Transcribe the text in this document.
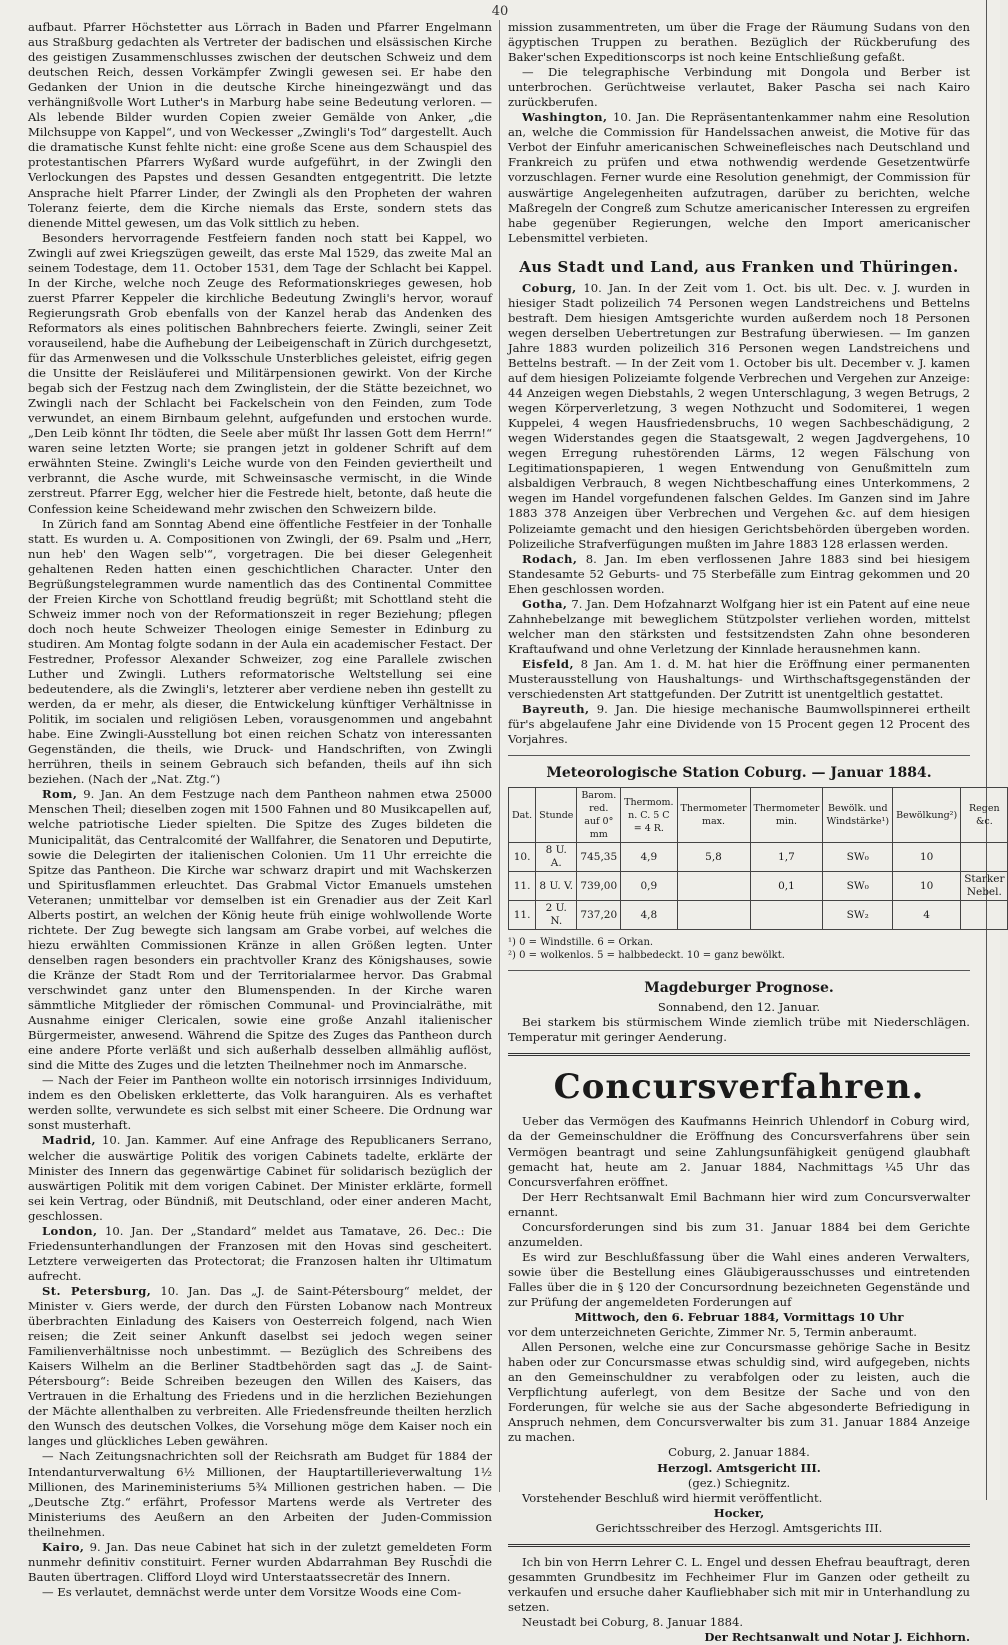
40

aufbaut. Pfarrer Höchstetter aus Lörrach in Baden und Pfarrer Engelmann aus Straßburg gedachten als Vertreter der badischen und elsässischen Kirche des geistigen Zusammenschlusses zwischen der deutschen Schweiz und dem deutschen Reich, dessen Vorkämpfer Zwingli gewesen sei. Er habe den Gedanken der Union in die deutsche Kirche hineingezwängt und das verhängnißvolle Wort Luther's in Marburg habe seine Bedeutung verloren. — Als lebende Bilder wurden Copien zweier Gemälde von Anker, „die Milchsuppe von Kappel“, und von Weckesser „Zwingli's Tod“ dargestellt. Auch die dramatische Kunst fehlte nicht: eine große Scene aus dem Schauspiel des protestantischen Pfarrers Wyßard wurde aufgeführt, in der Zwingli den Verlockungen des Papstes und dessen Gesandten entgegentritt. Die letzte Ansprache hielt Pfarrer Linder, der Zwingli als den Propheten der wahren Toleranz feierte, dem die Kirche niemals das Erste, sondern stets das dienende Mittel gewesen, um das Volk sittlich zu heben.

Besonders hervorragende Festfeiern fanden noch statt bei Kappel, wo Zwingli auf zwei Kriegszügen geweilt, das erste Mal 1529, das zweite Mal an seinem Todestage, dem 11. October 1531, dem Tage der Schlacht bei Kappel. In der Kirche, welche noch Zeuge des Reformationskrieges gewesen, hob zuerst Pfarrer Keppeler die kirchliche Bedeutung Zwingli's hervor, worauf Regierungsrath Grob ebenfalls von der Kanzel herab das Andenken des Reformators als eines politischen Bahnbrechers feierte. Zwingli, seiner Zeit vorauseilend, habe die Aufhebung der Leibeigenschaft in Zürich durchgesetzt, für das Armenwesen und die Volksschule Unsterbliches geleistet, eifrig gegen die Unsitte der Reisläuferei und Militärpensionen gewirkt. Von der Kirche begab sich der Festzug nach dem Zwinglistein, der die Stätte bezeichnet, wo Zwingli nach der Schlacht bei Fackelschein von den Feinden, zum Tode verwundet, an einem Birnbaum gelehnt, aufgefunden und erstochen wurde. „Den Leib könnt Ihr tödten, die Seele aber müßt Ihr lassen Gott dem Herrn!“ waren seine letzten Worte; sie prangen jetzt in goldener Schrift auf dem erwähnten Steine. Zwingli's Leiche wurde von den Feinden geviertheilt und verbrannt, die Asche wurde, mit Schweinsasche vermischt, in die Winde zerstreut. Pfarrer Egg, welcher hier die Festrede hielt, betonte, daß heute die Confession keine Scheidewand mehr zwischen den Schweizern bilde.

In Zürich fand am Sonntag Abend eine öffentliche Festfeier in der Tonhalle statt. Es wurden u. A. Compositionen von Zwingli, der 69. Psalm und „Herr, nun heb' den Wagen selb'“, vorgetragen. Die bei dieser Gelegenheit gehaltenen Reden hatten einen geschichtlichen Character. Unter den Begrüßungstelegrammen wurde namentlich das des Continental Committee der Freien Kirche von Schottland freudig begrüßt; mit Schottland steht die Schweiz immer noch von der Reformationszeit in reger Beziehung; pflegen doch noch heute Schweizer Theologen einige Semester in Edinburg zu studiren. Am Montag folgte sodann in der Aula ein academischer Festact. Der Festredner, Professor Alexander Schweizer, zog eine Parallele zwischen Luther und Zwingli. Luthers reformatorische Weltstellung sei eine bedeutendere, als die Zwingli's, letzterer aber verdiene neben ihn gestellt zu werden, da er mehr, als dieser, die Entwickelung künftiger Verhältnisse in Politik, im socialen und religiösen Leben, vorausgenommen und angebahnt habe. Eine Zwingli-Ausstellung bot einen reichen Schatz von interessanten Gegenständen, die theils, wie Druck- und Handschriften, von Zwingli herrühren, theils in seinem Gebrauch sich befanden, theils auf ihn sich beziehen. (Nach der „Nat. Ztg.“)

Rom, 9. Jan. An dem Festzuge nach dem Pantheon nahmen etwa 25000 Menschen Theil; dieselben zogen mit 1500 Fahnen und 80 Musikcapellen auf, welche patriotische Lieder spielten. Die Spitze des Zuges bildeten die Municipalität, das Centralcomité der Wallfahrer, die Senatoren und Deputirte, sowie die Delegirten der italienischen Colonien. Um 11 Uhr erreichte die Spitze das Pantheon. Die Kirche war schwarz drapirt und mit Wachskerzen und Spiritusflammen erleuchtet. Das Grabmal Victor Emanuels umstehen Veteranen; unmittelbar vor demselben ist ein Grenadier aus der Zeit Karl Alberts postirt, an welchen der König heute früh einige wohlwollende Worte richtete. Der Zug bewegte sich langsam am Grabe vorbei, auf welches die hiezu erwählten Commissionen Kränze in allen Größen legten. Unter denselben ragen besonders ein prachtvoller Kranz des Königshauses, sowie die Kränze der Stadt Rom und der Territorialarmee hervor. Das Grabmal verschwindet ganz unter den Blumenspenden. In der Kirche waren sämmtliche Mitglieder der römischen Communal- und Provincialräthe, mit Ausnahme einiger Clericalen, sowie eine große Anzahl italienischer Bürgermeister, anwesend. Während die Spitze des Zuges das Pantheon durch eine andere Pforte verläßt und sich außerhalb desselben allmählig auflöst, sind die Mitte des Zuges und die letzten Theilnehmer noch im Anmarsche.

— Nach der Feier im Pantheon wollte ein notorisch irrsinniges Individuum, indem es den Obelisken erkletterte, das Volk haranguiren. Als es verhaftet werden sollte, verwundete es sich selbst mit einer Scheere. Die Ordnung war sonst musterhaft.

Madrid, 10. Jan. Kammer. Auf eine Anfrage des Republicaners Serrano, welcher die auswärtige Politik des vorigen Cabinets tadelte, erklärte der Minister des Innern das gegenwärtige Cabinet für solidarisch bezüglich der auswärtigen Politik mit dem vorigen Cabinet. Der Minister erklärte, formell sei kein Vertrag, oder Bündniß, mit Deutschland, oder einer anderen Macht, geschlossen.

London, 10. Jan. Der „Standard“ meldet aus Tamatave, 26. Dec.: Die Friedensunterhandlungen der Franzosen mit den Hovas sind gescheitert. Letztere verweigerten das Protectorat; die Franzosen halten ihr Ultimatum aufrecht.

St. Petersburg, 10. Jan. Das „J. de Saint-Pétersbourg“ meldet, der Minister v. Giers werde, der durch den Fürsten Lobanow nach Montreux überbrachten Einladung des Kaisers von Oesterreich folgend, nach Wien reisen; die Zeit seiner Ankunft daselbst sei jedoch wegen seiner Familienverhältnisse noch unbestimmt. — Bezüglich des Schreibens des Kaisers Wilhelm an die Berliner Stadtbehörden sagt das „J. de Saint-Pétersbourg“: Beide Schreiben bezeugen den Willen des Kaisers, das Vertrauen in die Erhaltung des Friedens und in die herzlichen Beziehungen der Mächte allenthalben zu verbreiten. Alle Friedensfreunde theilten herzlich den Wunsch des deutschen Volkes, die Vorsehung möge dem Kaiser noch ein langes und glückliches Leben gewähren.

— Nach Zeitungsnachrichten soll der Reichsrath am Budget für 1884 der Intendanturverwaltung 6½ Millionen, der Hauptartillerieverwaltung 1½ Millionen, des Marineministeriums 5¾ Millionen gestrichen haben. — Die „Deutsche Ztg.“ erfährt, Professor Martens werde als Vertreter des Ministeriums des Aeußern an den Arbeiten der Juden-Commission theilnehmen.

Kairo, 9. Jan. Das neue Cabinet hat sich in der zuletzt gemeldeten Form nunmehr definitiv constituirt. Ferner wurden Abdarrahman Bey Rusch̄di die Bauten übertragen. Clifford Lloyd wird Unterstaatssecretär des Innern.

— Es verlautet, demnächst werde unter dem Vorsitze Woods eine Com-

mission zusammentreten, um über die Frage der Räumung Sudans von den ägyptischen Truppen zu berathen. Bezüglich der Rückberufung des Baker'schen Expeditionscorps ist noch keine Entschließung gefaßt.

— Die telegraphische Verbindung mit Dongola und Berber ist unterbrochen. Gerüchtweise verlautet, Baker Pascha sei nach Kairo zurückberufen.

Washington, 10. Jan. Die Repräsentantenkammer nahm eine Resolution an, welche die Commission für Handelssachen anweist, die Motive für das Verbot der Einfuhr americanischen Schweinefleisches nach Deutschland und Frankreich zu prüfen und etwa nothwendig werdende Gesetzentwürfe vorzuschlagen. Ferner wurde eine Resolution genehmigt, der Commission für auswärtige Angelegenheiten aufzutragen, darüber zu berichten, welche Maßregeln der Congreß zum Schutze americanischer Interessen zu ergreifen habe gegenüber Regierungen, welche den Import americanischer Lebensmittel verbieten.

Aus Stadt und Land, aus Franken und Thüringen.

Coburg, 10. Jan. In der Zeit vom 1. Oct. bis ult. Dec. v. J. wurden in hiesiger Stadt polizeilich 74 Personen wegen Landstreichens und Bettelns bestraft. Dem hiesigen Amtsgerichte wurden außerdem noch 18 Personen wegen derselben Uebertretungen zur Bestrafung überwiesen. — Im ganzen Jahre 1883 wurden polizeilich 316 Personen wegen Landstreichens und Bettelns bestraft. — In der Zeit vom 1. October bis ult. December v. J. kamen auf dem hiesigen Polizeiamte folgende Verbrechen und Vergehen zur Anzeige: 44 Anzeigen wegen Diebstahls, 2 wegen Unterschlagung, 3 wegen Betrugs, 2 wegen Körperverletzung, 3 wegen Nothzucht und Sodomiterei, 1 wegen Kuppelei, 4 wegen Hausfriedensbruchs, 10 wegen Sachbeschädigung, 2 wegen Widerstandes gegen die Staatsgewalt, 2 wegen Jagdvergehens, 10 wegen Erregung ruhestörenden Lärms, 12 wegen Fälschung von Legitimationspapieren, 1 wegen Entwendung von Genußmitteln zum alsbaldigen Verbrauch, 8 wegen Nichtbeschaffung eines Unterkommens, 2 wegen im Handel vorgefundenen falschen Geldes. Im Ganzen sind im Jahre 1883 378 Anzeigen über Verbrechen und Vergehen &c. auf dem hiesigen Polizeiamte gemacht und den hiesigen Gerichtsbehörden übergeben worden. Polizeiliche Strafverfügungen mußten im Jahre 1883 128 erlassen werden.

Rodach, 8. Jan. Im eben verflossenen Jahre 1883 sind bei hiesigem Standesamte 52 Geburts- und 75 Sterbefälle zum Eintrag gekommen und 20 Ehen geschlossen worden.

Gotha, 7. Jan. Dem Hofzahnarzt Wolfgang hier ist ein Patent auf eine neue Zahnhebelzange mit beweglichem Stützpolster verliehen worden, mittelst welcher man den stärksten und festsitzendsten Zahn ohne besonderen Kraftaufwand und ohne Verletzung der Kinnlade herausnehmen kann.

Eisfeld, 8 Jan. Am 1. d. M. hat hier die Eröffnung einer permanenten Musterausstellung von Haushaltungs- und Wirthschaftsgegenständen der verschiedensten Art stattgefunden. Der Zutritt ist unentgeltlich gestattet.

Bayreuth, 9. Jan. Die hiesige mechanische Baumwollspinnerei ertheilt für's abgelaufene Jahr eine Dividende von 15 Procent gegen 12 Procent des Vorjahres.

Meteorologische Station Coburg. — Januar 1884.
Dat.	Stunde	Barom. red. auf 0° mm	Thermom. n. C. 5 C = 4 R.	Thermometer max.	Thermometer min.	Bewölk. und Windstärke¹)	Bewölkung²)	Regen &c.
10.	8 U. A.	745,35	4,9	5,8	1,7	SW₀	10	
11.	8 U. V.	739,00	0,9		0,1	SW₀	10	Starker Nebel.
11.	2 U. N.	737,20	4,8			SW₂	4	

¹) 0 = Windstille. 6 = Orkan.

²) 0 = wolkenlos. 5 = halbbedeckt. 10 = ganz bewölkt.

Magdeburger Prognose.

Sonnabend, den 12. Januar.

Bei starkem bis stürmischem Winde ziemlich trübe mit Niederschlägen. Temperatur mit geringer Aenderung.

Concursverfahren.

Ueber das Vermögen des Kaufmanns Heinrich Uhlendorf in Coburg wird, da der Gemeinschuldner die Eröffnung des Concursverfahrens über sein Vermögen beantragt und seine Zahlungsunfähigkeit genügend glaubhaft gemacht hat, heute am 2. Januar 1884, Nachmittags ¼5 Uhr das Concursverfahren eröffnet.

Der Herr Rechtsanwalt Emil Bachmann hier wird zum Concursverwalter ernannt.

Concursforderungen sind bis zum 31. Januar 1884 bei dem Gerichte anzumelden.

Es wird zur Beschlußfassung über die Wahl eines anderen Verwalters, sowie über die Bestellung eines Gläubigerausschusses und eintretenden Falles über die in § 120 der Concursordnung bezeichneten Gegenstände und zur Prüfung der angemeldeten Forderungen auf

Mittwoch, den 6. Februar 1884, Vormittags 10 Uhr

vor dem unterzeichneten Gerichte, Zimmer Nr. 5, Termin anberaumt.

Allen Personen, welche eine zur Concursmasse gehörige Sache in Besitz haben oder zur Concursmasse etwas schuldig sind, wird aufgegeben, nichts an den Gemeinschuldner zu verabfolgen oder zu leisten, auch die Verpflichtung auferlegt, von dem Besitze der Sache und von den Forderungen, für welche sie aus der Sache abgesonderte Befriedigung in Anspruch nehmen, dem Concursverwalter bis zum 31. Januar 1884 Anzeige zu machen.

Coburg, 2. Januar 1884.

Herzogl. Amtsgericht III.

(gez.) Schiegnitz.

Vorstehender Beschluß wird hiermit veröffentlicht.

Hocker,

Gerichtsschreiber des Herzogl. Amtsgerichts III.

Ich bin von Herrn Lehrer C. L. Engel und dessen Ehefrau beauftragt, deren gesammten Grundbesitz im Fechheimer Flur im Ganzen oder getheilt zu verkaufen und ersuche daher Kaufliebhaber sich mit mir in Unterhandlung zu setzen.

Neustadt bei Coburg, 8. Januar 1884.

Der Rechtsanwalt und Notar J. Eichhorn.
